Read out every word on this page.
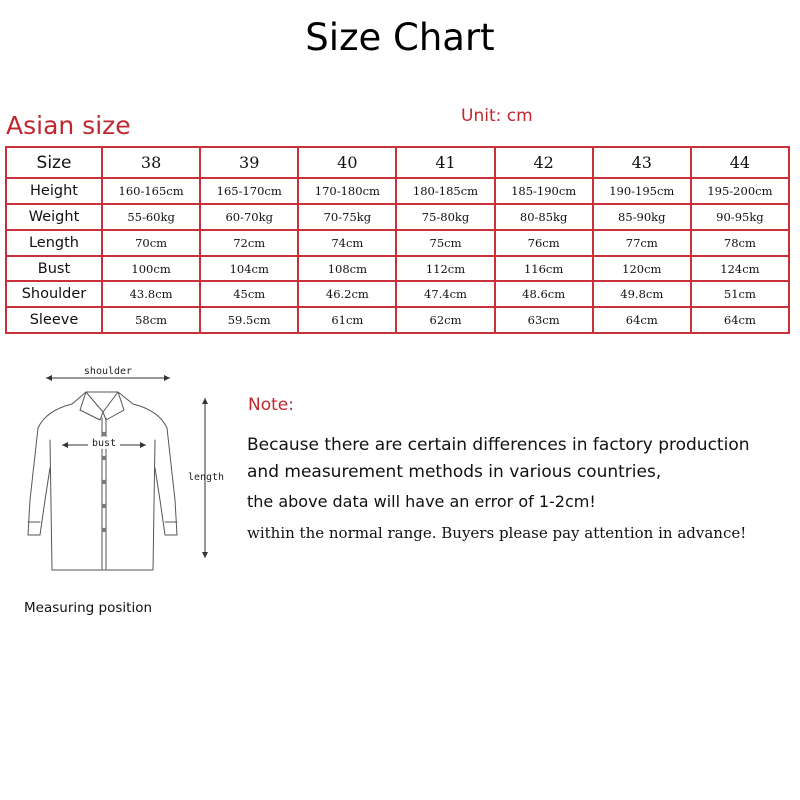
Size Chart
Asian size	Unit: cm
Size	38	39	40	41	42	43	44
Height	160-165cm	165-170cm	170-180cm	180-185cm	185-190cm	190-195cm	195-200cm
Weight	55-60kg	60-70kg	70-75kg	75-80kg	80-85kg	85-90kg	90-95kg
Length	70cm	72cm	74cm	75cm	76cm	77cm	78cm
Bust	100cm	104cm	108cm	112cm	116cm	120cm	124cm
Shoulder	43.8cm	45cm	46.2cm	47.4cm	48.6cm	49.8cm	51cm
Sleeve	58cm	59.5cm	61cm	62cm	63cm	64cm	64cm
shoulder
bust
length
Measuring position
Note:
Because there are certain differences in factory production
and measurement methods in various countries,
the above data will have an error of 1-2cm!
within the normal range. Buyers please pay attention in advance!
